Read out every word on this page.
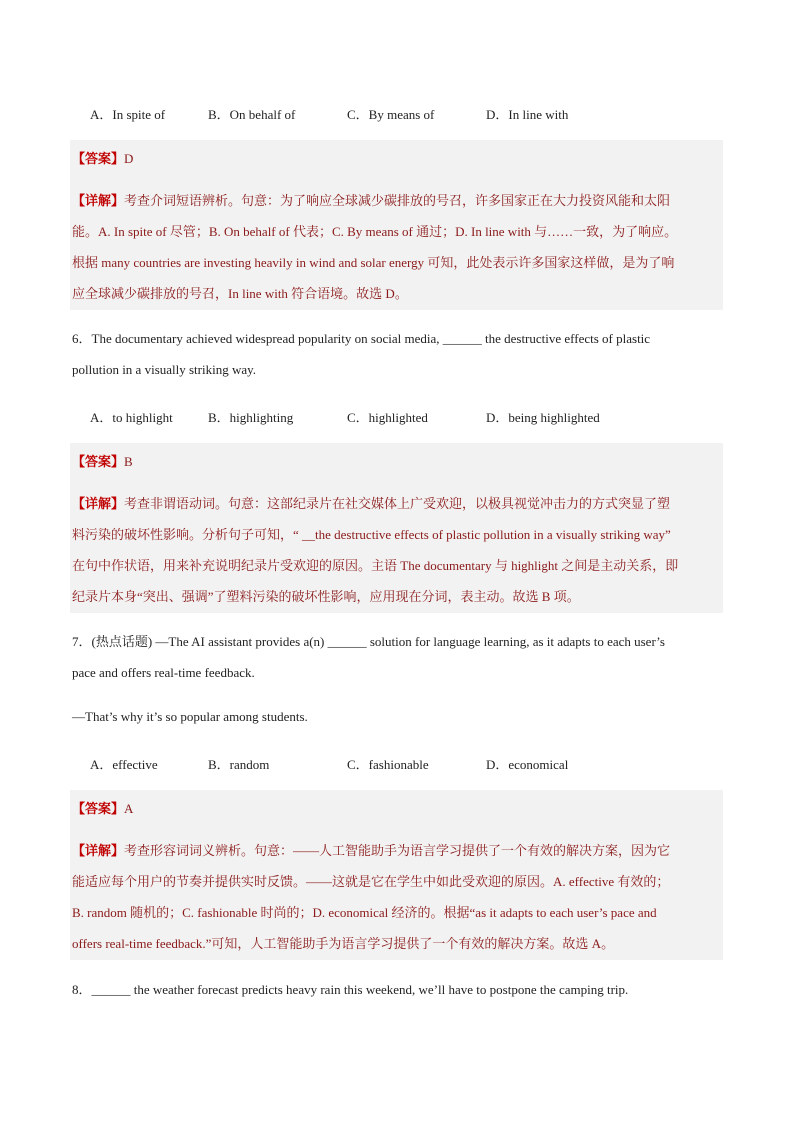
A．In spite of	B．On behalf of	C．By means of	D．In line with
【答案】D
【详解】考查介词短语辨析。句意：为了响应全球减少碳排放的号召，许多国家正在大力投资风能和太阳
能。A. In spite of 尽管；B. On behalf of 代表；C. By means of 通过；D. In line with 与……一致，为了响应。
根据 many countries are investing heavily in wind and solar energy 可知，此处表示许多国家这样做，是为了响
应全球减少碳排放的号召，In line with 符合语境。故选 D。
6．The documentary achieved widespread popularity on social media, ______ the destructive effects of plastic
pollution in a visually striking way.
A．to highlight	B．highlighting	C．highlighted	D．being highlighted
【答案】B
【详解】考查非谓语动词。句意：这部纪录片在社交媒体上广受欢迎，以极具视觉冲击力的方式突显了塑
料污染的破坏性影响。分析句子可知，“ __the destructive effects of plastic pollution in a visually striking way”
在句中作状语，用来补充说明纪录片受欢迎的原因。主语 The documentary 与 highlight 之间是主动关系，即
纪录片本身“突出、强调”了塑料污染的破坏性影响，应用现在分词，表主动。故选 B 项。
7．(热点话题) —The AI assistant provides a(n) ______ solution for language learning, as it adapts to each user’s
pace and offers real-time feedback.
—That’s why it’s so popular among students.
A．effective	B．random	C．fashionable	D．economical
【答案】A
【详解】考查形容词词义辨析。句意：——人工智能助手为语言学习提供了一个有效的解决方案，因为它
能适应每个用户的节奏并提供实时反馈。——这就是它在学生中如此受欢迎的原因。A. effective 有效的；
B. random 随机的；C. fashionable 时尚的；D. economical 经济的。根据“as it adapts to each user’s pace and
offers real-time feedback.”可知，人工智能助手为语言学习提供了一个有效的解决方案。故选 A。
8．______ the weather forecast predicts heavy rain this weekend, we’ll have to postpone the camping trip.
